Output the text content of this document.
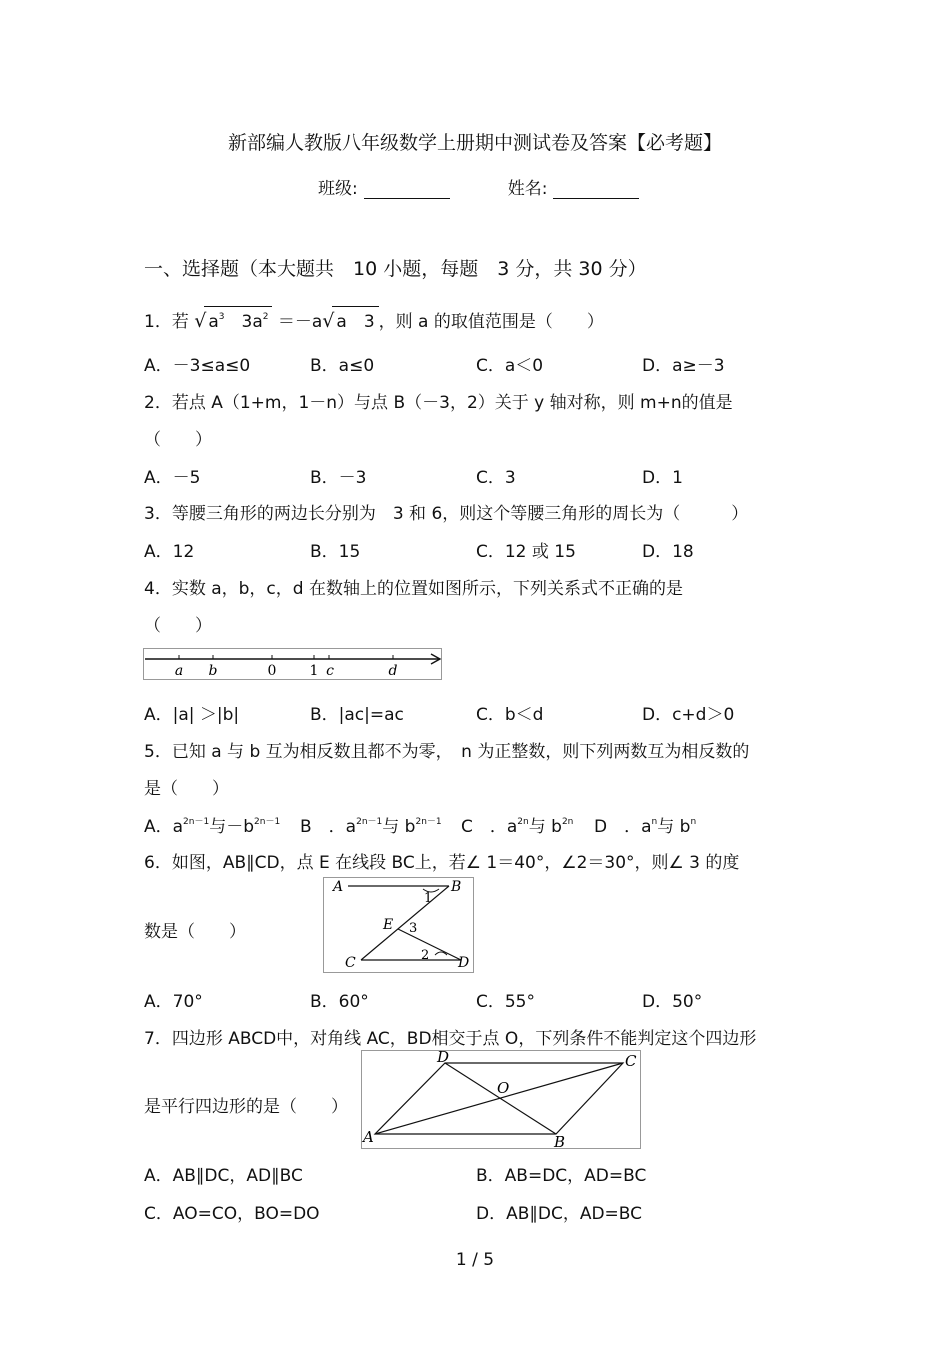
新部编人教版八年级数学上册期中测试卷及答案【必考题】
班级:	姓名:
一、选择题（本大题共　10 小题，每题　3 分，共 30 分）
1．若 √ $a^3$　 $3a^2 =-a√$ a　3 ，则 a 的取值范围是（　　）
A．－3≤a≤0	B．a≤0	C．a＜0	D．a≥－3
2．若点 A（1+m，1－n）与点 B（－3，2）关于 y 轴对称，则 m+n的值是
（　　）
A．－5	B．－3	C．3	D．1
3．等腰三角形的两边长分别为　3 和 6，则这个等腰三角形的周长为（　　　）
A．12	B．15	C．12 或 15	D．18
4．实数 a，b，c，d 在数轴上的位置如图所示，下列关系式不正确的是
（　　）
a b	0 1 c	d
A．|a| ＞|b|	B．|ac|=ac	C．b＜d	D．c+d＞0
5．已知 a 与 b 互为相反数且都不为零，　n 为正整数，则下列两数互为相反数的
是（　　）
A．$a^{2n-1}$与$-b^{2n-1}$ B　．$a^{2n-1}$与 $b^{2n-1}$ C　．$a^{2n}$与 $b^{2n}$ D　．$a^n$与 $b^n$
6．如图，AB∥CD，点 E 在线段 BC上，若∠ 1＝40°，∠2＝30°，则∠ 3 的度
数是（　　）
A	B
1
E 3
2
C	D
A．70°	B．60°	C．55°	D．50°
7．四边形 ABCD中，对角线 AC，BD相交于点 O，下列条件不能判定这个四边形
是平行四边形的是（　　）
D	C
O
A	B
A．AB∥DC，AD∥BC	B．AB=DC，AD=BC
C．AO=CO，BO=DO	D．AB∥DC，AD=BC
1 / 5
